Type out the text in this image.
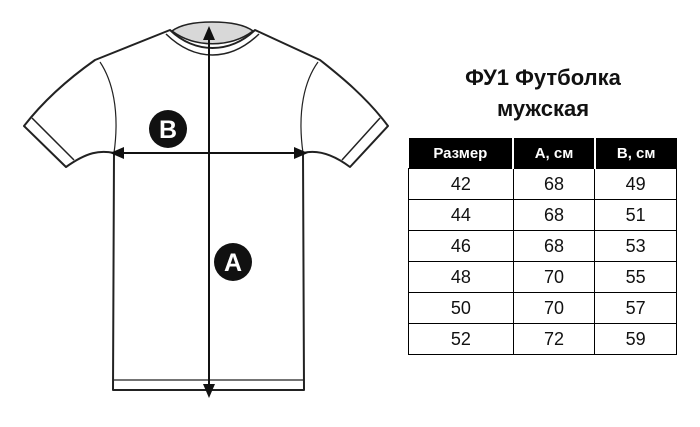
B
A
ФУ1 Футболка
мужская
Размер	А, см	В, см
42	68	49
44	68	51
46	68	53
48	70	55
50	70	57
52	72	59
